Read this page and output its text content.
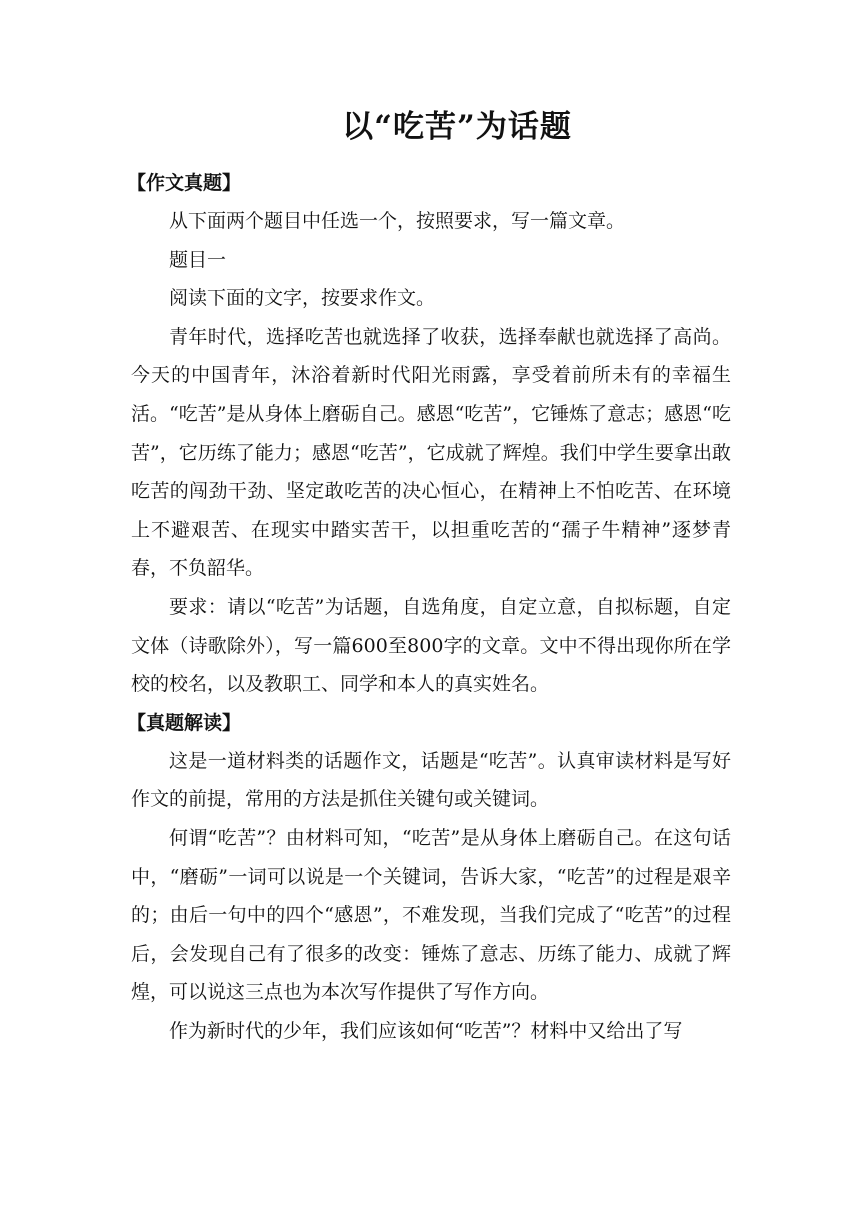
以“吃苦”为话题

【作文真题】

从下面两个题目中任选一个，按照要求，写一篇文章。

题目一

阅读下面的文字，按要求作文。

青年时代，选择吃苦也就选择了收获，选择奉献也就选择了高尚。今天的中国青年，沐浴着新时代阳光雨露，享受着前所未有的幸福生活。“吃苦”是从身体上磨砺自己。感恩“吃苦”，它锤炼了意志；感恩“吃苦”，它历练了能力；感恩“吃苦”，它成就了辉煌。我们中学生要拿出敢吃苦的闯劲干劲、坚定敢吃苦的决心恒心，在精神上不怕吃苦、在环境上不避艰苦、在现实中踏实苦干，以担重吃苦的“孺子牛精神”逐梦青春，不负韶华。

要求：请以“吃苦”为话题，自选角度，自定立意，自拟标题，自定文体（诗歌除外），写一篇600至800字的文章。文中不得出现你所在学校的校名，以及教职工、同学和本人的真实姓名。

【真题解读】

这是一道材料类的话题作文，话题是“吃苦”。认真审读材料是写好作文的前提，常用的方法是抓住关键句或关键词。

何谓“吃苦”？由材料可知，“吃苦”是从身体上磨砺自己。在这句话中，“磨砺”一词可以说是一个关键词，告诉大家，“吃苦”的过程是艰辛的；由后一句中的四个“感恩”，不难发现，当我们完成了“吃苦”的过程后，会发现自己有了很多的改变：锤炼了意志、历练了能力、成就了辉煌，可以说这三点也为本次写作提供了写作方向。

作为新时代的少年，我们应该如何“吃苦”？材料中又给出了写
